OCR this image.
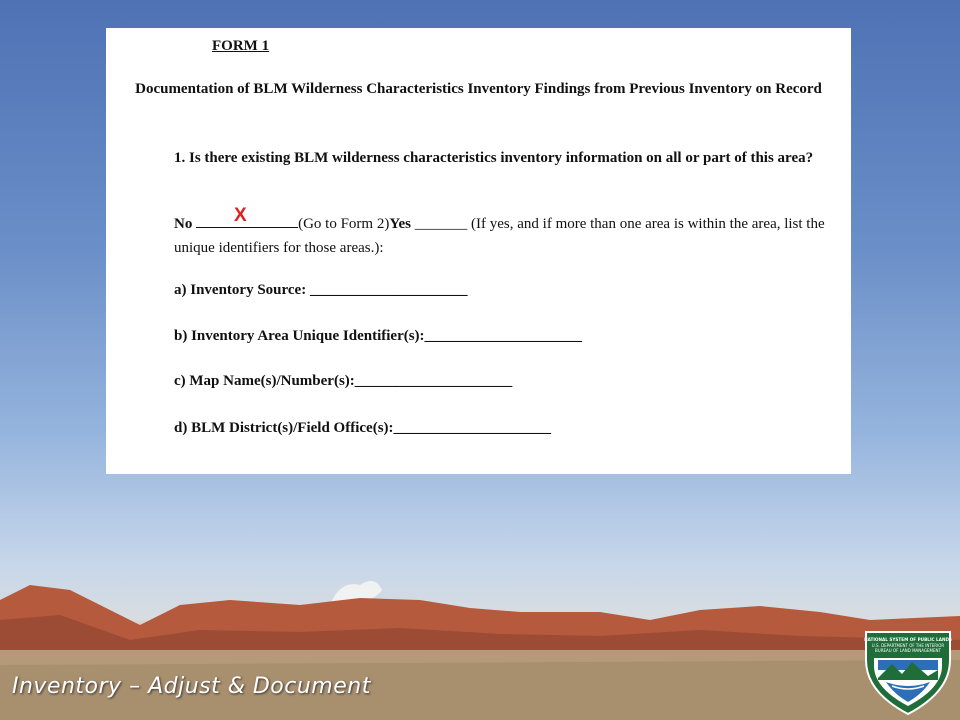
FORM 1
Documentation of BLM Wilderness Characteristics Inventory Findings from Previous Inventory on Record
1. Is there existing BLM wilderness characteristics inventory information on all or part of this area?
No	(Go to Form 2)Yes _______ (If yes, and if more than one area is within the area, list the unique identifiers for those areas.):
X
a) Inventory Source: _____________________
b) Inventory Area Unique Identifier(s):_____________________
c) Map Name(s)/Number(s):_____________________
d) BLM District(s)/Field Office(s):_____________________
Inventory – Adjust & Document
NATIONAL SYSTEM OF PUBLIC LANDS
U.S. DEPARTMENT OF THE INTERIOR
BUREAU OF LAND MANAGEMENT
